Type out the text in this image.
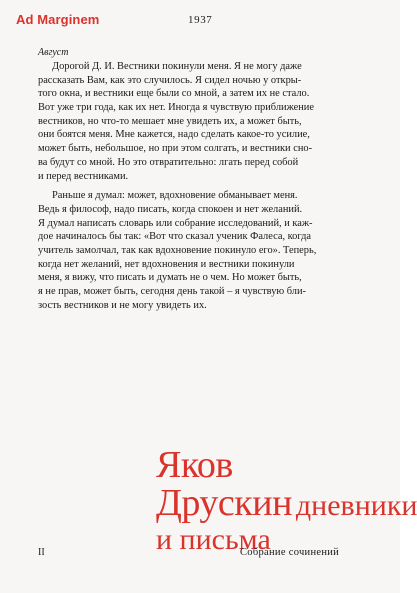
Ad Marginem	1937
Август
Дорогой Д. И. Вестники покинули меня. Я не могу даже
рассказать Вам, как это случилось. Я сидел ночью у откры-
того окна, и вестники еще были со мной, а затем их не стало.
Вот уже три года, как их нет. Иногда я чувствую приближение
вестников, но что-то мешает мне увидеть их, а может быть,
они боятся меня. Мне кажется, надо сделать какое-то усилие,
может быть, небольшое, но при этом солгать, и вестники сно-
ва будут со мной. Но это отвратительно: лгать перед собой
и перед вестниками.
Раньше я думал: может, вдохновение обманывает меня.
Ведь я философ, надо писать, когда спокоен и нет желаний.
Я думал написать словарь или собрание исследований, и каж-
дое начиналось бы так: «Вот что сказал ученик Фалеса, когда
учитель замолчал, так как вдохновение покинуло его». Теперь,
когда нет желаний, нет вдохновения и вестники покинули
меня, я вижу, что писать и думать не о чем. Но может быть,
я не прав, может быть, сегодня день такой – я чувствую бли-
зость вестников и не могу увидеть их.
Яков
Друскин дневники
и письма
II	Собрание сочинений
